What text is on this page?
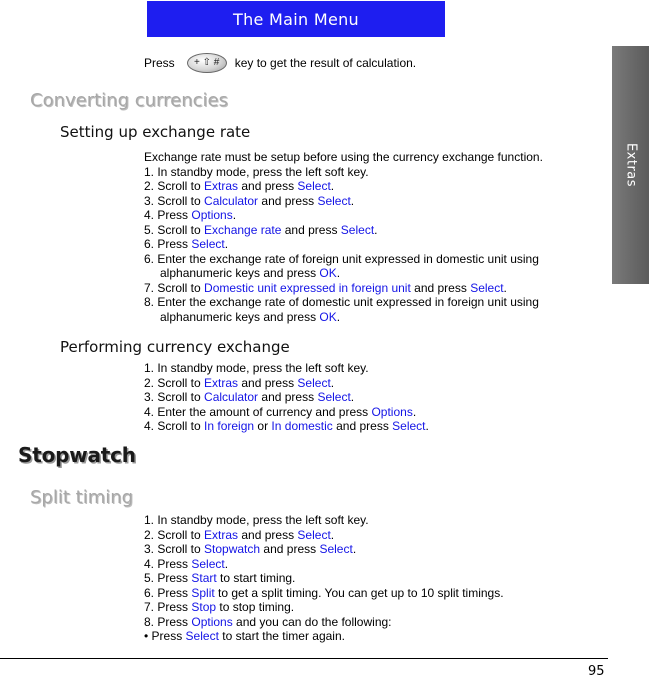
The Main Menu
Extras
Press	+ ⇧ #	key to get the result of calculation.
Converting currencies
Setting up exchange rate

Exchange rate must be setup before using the currency exchange function.

1. In standby mode, press the left soft key.

2. Scroll to Extras and press Select.

3. Scroll to Calculator and press Select.

4. Press Options.

5. Scroll to Exchange rate and press Select.

6. Press Select.

6. Enter the exchange rate of foreign unit expressed in domestic unit using

alphanumeric keys and press OK.

7. Scroll to Domestic unit expressed in foreign unit and press Select.

8. Enter the exchange rate of domestic unit expressed in foreign unit using

alphanumeric keys and press OK.

Performing currency exchange

1. In standby mode, press the left soft key.

2. Scroll to Extras and press Select.

3. Scroll to Calculator and press Select.

4. Enter the amount of currency and press Options.

4. Scroll to In foreign or In domestic and press Select.

Stopwatch
Split timing

1. In standby mode, press the left soft key.

2. Scroll to Extras and press Select.

3. Scroll to Stopwatch and press Select.

4. Press Select.

5. Press Start to start timing.

6. Press Split to get a split timing. You can get up to 10 split timings.

7. Press Stop to stop timing.

8. Press Options and you can do the following:

• Press Select to start the timer again.

95
